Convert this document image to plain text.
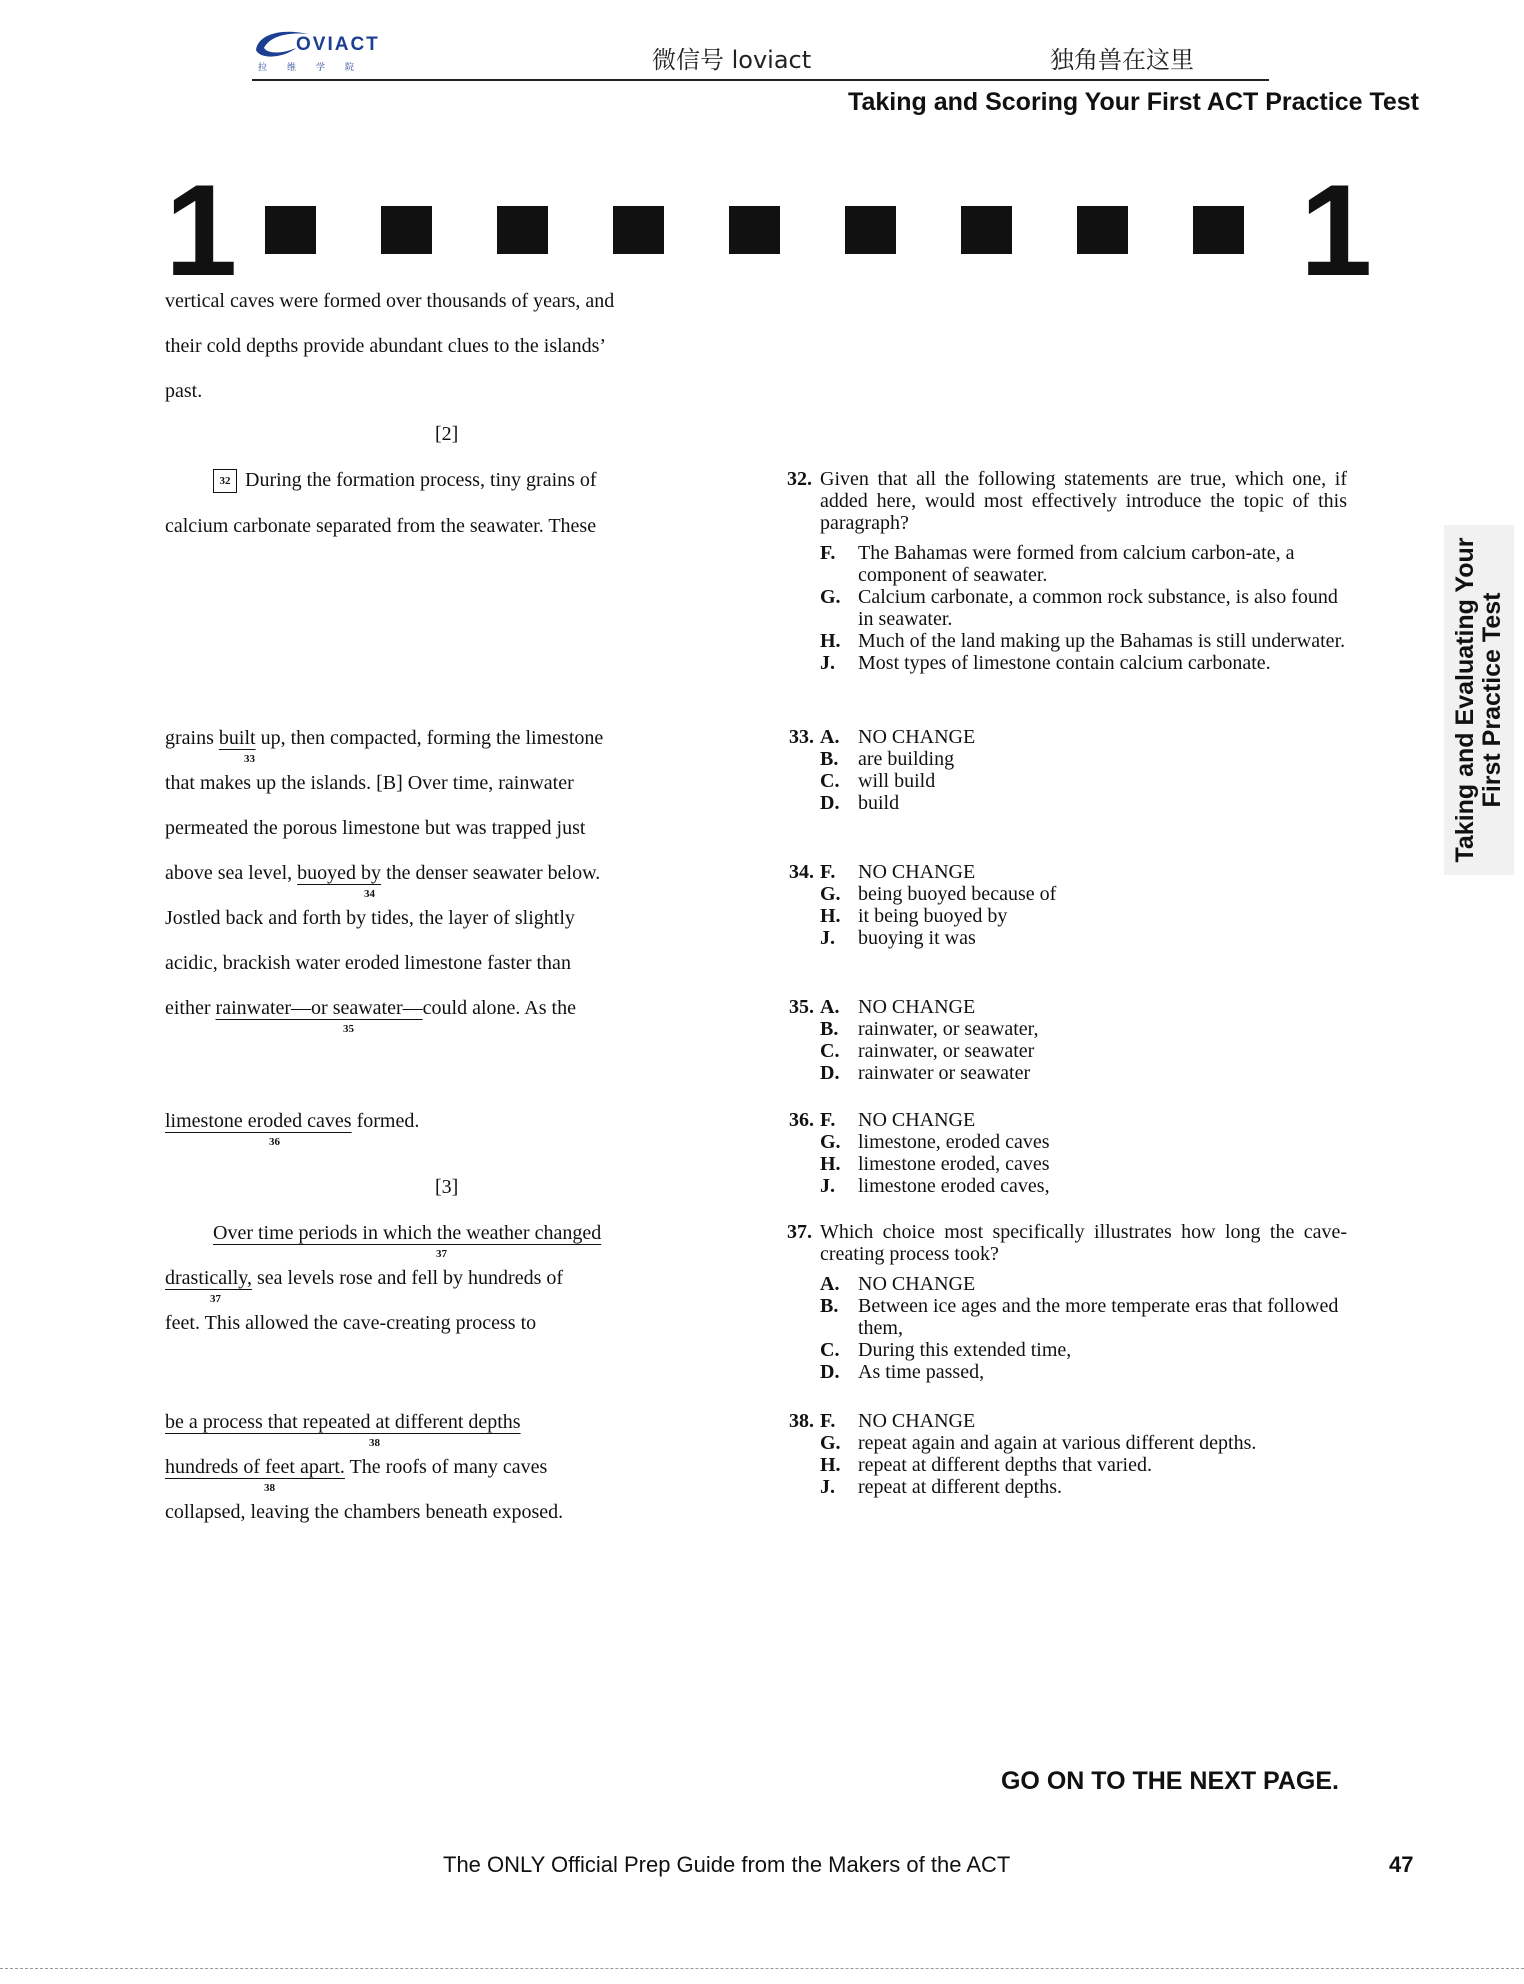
OVIACT
拉维学院	微信号 loviact	独角兽在这里
Taking and Scoring Your First ACT Practice Test
1	1
vertical caves were formed over thousands of years, and
their cold depths provide abundant clues to the islands’
past.
[2]
32 During the formation process, tiny grains of
calcium carbonate separated from the seawater. These
grains built up, then compacted, forming the limestone
33
that makes up the islands. [B] Over time, rainwater
permeated the porous limestone but was trapped just
above sea level, buoyed by the denser seawater below.
34
Jostled back and forth by tides, the layer of slightly
acidic, brackish water eroded limestone faster than
either rainwater—or seawater—could alone. As the
35
limestone eroded caves formed.
36
[3]
Over time periods in which the weather changed
37
drastically, sea levels rose and fell by hundreds of
37
feet. This allowed the cave-creating process to
be a process that repeated at different depths
38
hundreds of feet apart. The roofs of many caves
38
collapsed, leaving the chambers beneath exposed.
32. Given that all the following statements are true, which one, if added here, would most effectively introduce the topic of this paragraph?
F.	The Bahamas were formed from calcium carbon-ate, a component of seawater.
G. Calcium carbonate, a common rock substance, is also found in seawater.
H. Much of the land making up the Bahamas is still underwater.
J.	Most types of limestone contain calcium carbonate.
33. A. NO CHANGE
B. are building
C. will build
D. build
34. F.	NO CHANGE
G. being buoyed because of
H. it being buoyed by
J.	buoying it was
35. A. NO CHANGE
B. rainwater, or seawater,
C. rainwater, or seawater
D. rainwater or seawater
36. F.	NO CHANGE
G. limestone, eroded caves
H. limestone eroded, caves
J.	limestone eroded caves,
37. Which choice most specifically illustrates how long the cave-creating process took?
A. NO CHANGE
B. Between ice ages and the more temperate eras that followed them,
C. During this extended time,
D. As time passed,
38. F.	NO CHANGE
G. repeat again and again at various different depths.
H. repeat at different depths that varied.
J.	repeat at different depths.
Taking and Evaluating Your First Practice Test
GO ON TO THE NEXT PAGE.
The ONLY Official Prep Guide from the Makers of the ACT	47
